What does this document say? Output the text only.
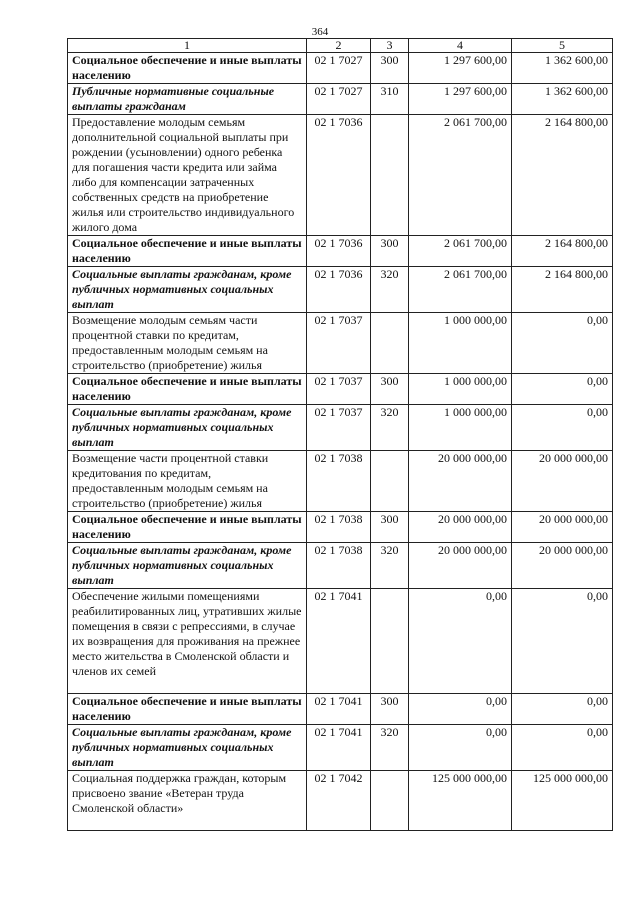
364
1	2	3	4	5
Социальное обеспечение и иные выплаты населению	02 1 7027	300	1 297 600,00	1 362 600,00
Публичные нормативные социальные выплаты гражданам	02 1 7027	310	1 297 600,00	1 362 600,00
Предоставление молодым семьям дополнительной социальной выплаты при рождении (усыновлении) одного ребенка для погашения части кредита или займа либо для компенсации затраченных собственных средств на приобретение жилья или строительство индивидуального жилого дома	02 1 7036		2 061 700,00	2 164 800,00
Социальное обеспечение и иные выплаты населению	02 1 7036	300	2 061 700,00	2 164 800,00
Социальные выплаты гражданам, кроме публичных нормативных социальных выплат	02 1 7036	320	2 061 700,00	2 164 800,00
Возмещение молодым семьям части процентной ставки по кредитам, предоставленным молодым семьям на строительство (приобретение) жилья	02 1 7037		1 000 000,00	0,00
Социальное обеспечение и иные выплаты населению	02 1 7037	300	1 000 000,00	0,00
Социальные выплаты гражданам, кроме публичных нормативных социальных выплат	02 1 7037	320	1 000 000,00	0,00
Возмещение части процентной ставки кредитования по кредитам, предоставленным молодым семьям на строительство (приобретение) жилья	02 1 7038		20 000 000,00	20 000 000,00
Социальное обеспечение и иные выплаты населению	02 1 7038	300	20 000 000,00	20 000 000,00
Социальные выплаты гражданам, кроме публичных нормативных социальных выплат	02 1 7038	320	20 000 000,00	20 000 000,00
Обеспечение жилыми помещениями реабилитированных лиц, утративших жилые помещения в связи с репрессиями, в случае их возвращения для проживания на прежнее место жительства в Смоленской области и членов их семей	02 1 7041		0,00	0,00
Социальное обеспечение и иные выплаты населению	02 1 7041	300	0,00	0,00
Социальные выплаты гражданам, кроме публичных нормативных социальных выплат	02 1 7041	320	0,00	0,00
Социальная поддержка граждан, которым присвоено звание «Ветеран труда Смоленской области»	02 1 7042		125 000 000,00	125 000 000,00
